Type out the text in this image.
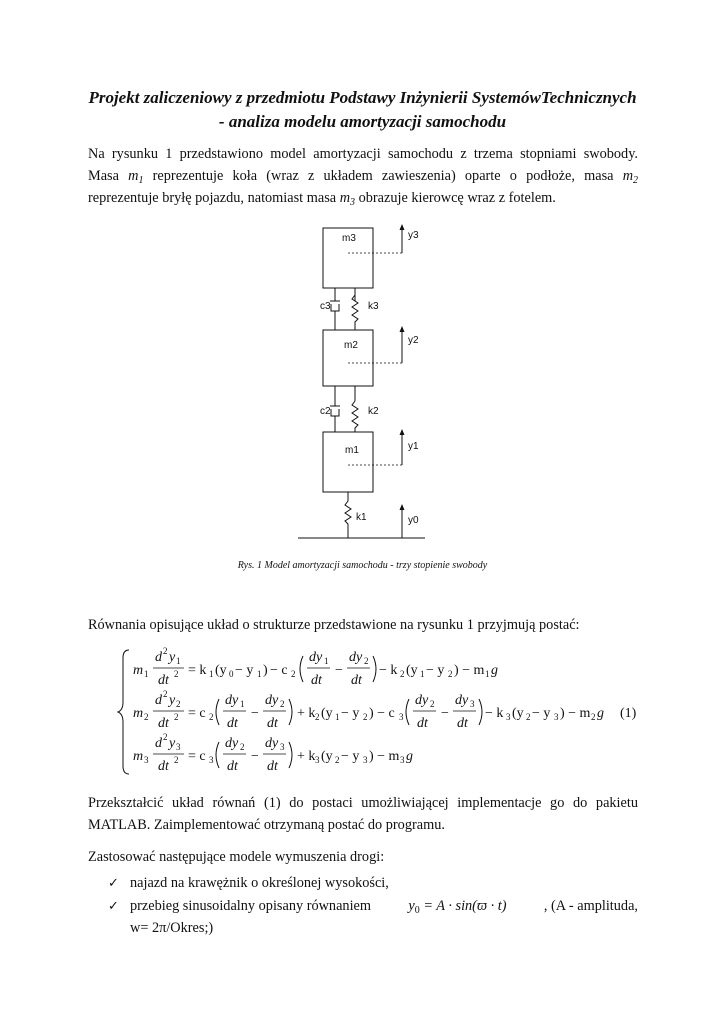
Projekt zaliczeniowy z przedmiotu Podstawy Inżynierii SystemówTechnicznych
- analiza modelu amortyzacji samochodu
Na rysunku 1 przedstawiono model amortyzacji samochodu z trzema stopniami swobody.
Masa $m_1$ reprezentuje koła (wraz z układem zawieszenia) oparte o podłoże, masa $m_2$
reprezentuje bryłę pojazdu, natomiast masa $m_3$ obrazuje kierowcę wraz z fotelem.
m3	y3
c3	k3
m2	y2
c2	k2
m1	y1
k1	y0
Rys. 1 Model amortyzacji samochodu - trzy stopienie swobody
Równania opisujące układ o strukturze przedstawione na rysunku 1 przyjmują postać:
m 1
d 2 y 1
dt 2 = k 1 (y 0 − y 1 ) − c 2
dy 1
dt
−
dy 2
dt
− k 2 (y 1 − y 2 ) − m 1 g
m 2
d 2 y 2
dt 2 = c 2
dy 1
dt
−
dy 2
dt
+ k 2 (y 1 − y 2 ) − c 3
dy 2
dt
−
dy 3
dt
− k 3 (y 2 − y 3 ) − m 2 g (1)
m 3
d 2 y 3
dt 2 = c 3
dy 2
dt
−
dy 3
dt
+ k 3 (y 2 − y 3 ) − m 3 g
Przekształcić układ równań (1) do postaci umożliwiającej implementacje go do pakietu
MATLAB. Zaimplementować otrzymaną postać do programu.
Zastosować następujące modele wymuszenia drogi:
✓ najazd na krawężnik o określonej wysokości,
✓ przebieg sinusoidalny opisany równaniem	$y_0 = A \cdot \sin(ϖ \cdot t)$	, (A - amplituda,
w= 2π/Okres;)
